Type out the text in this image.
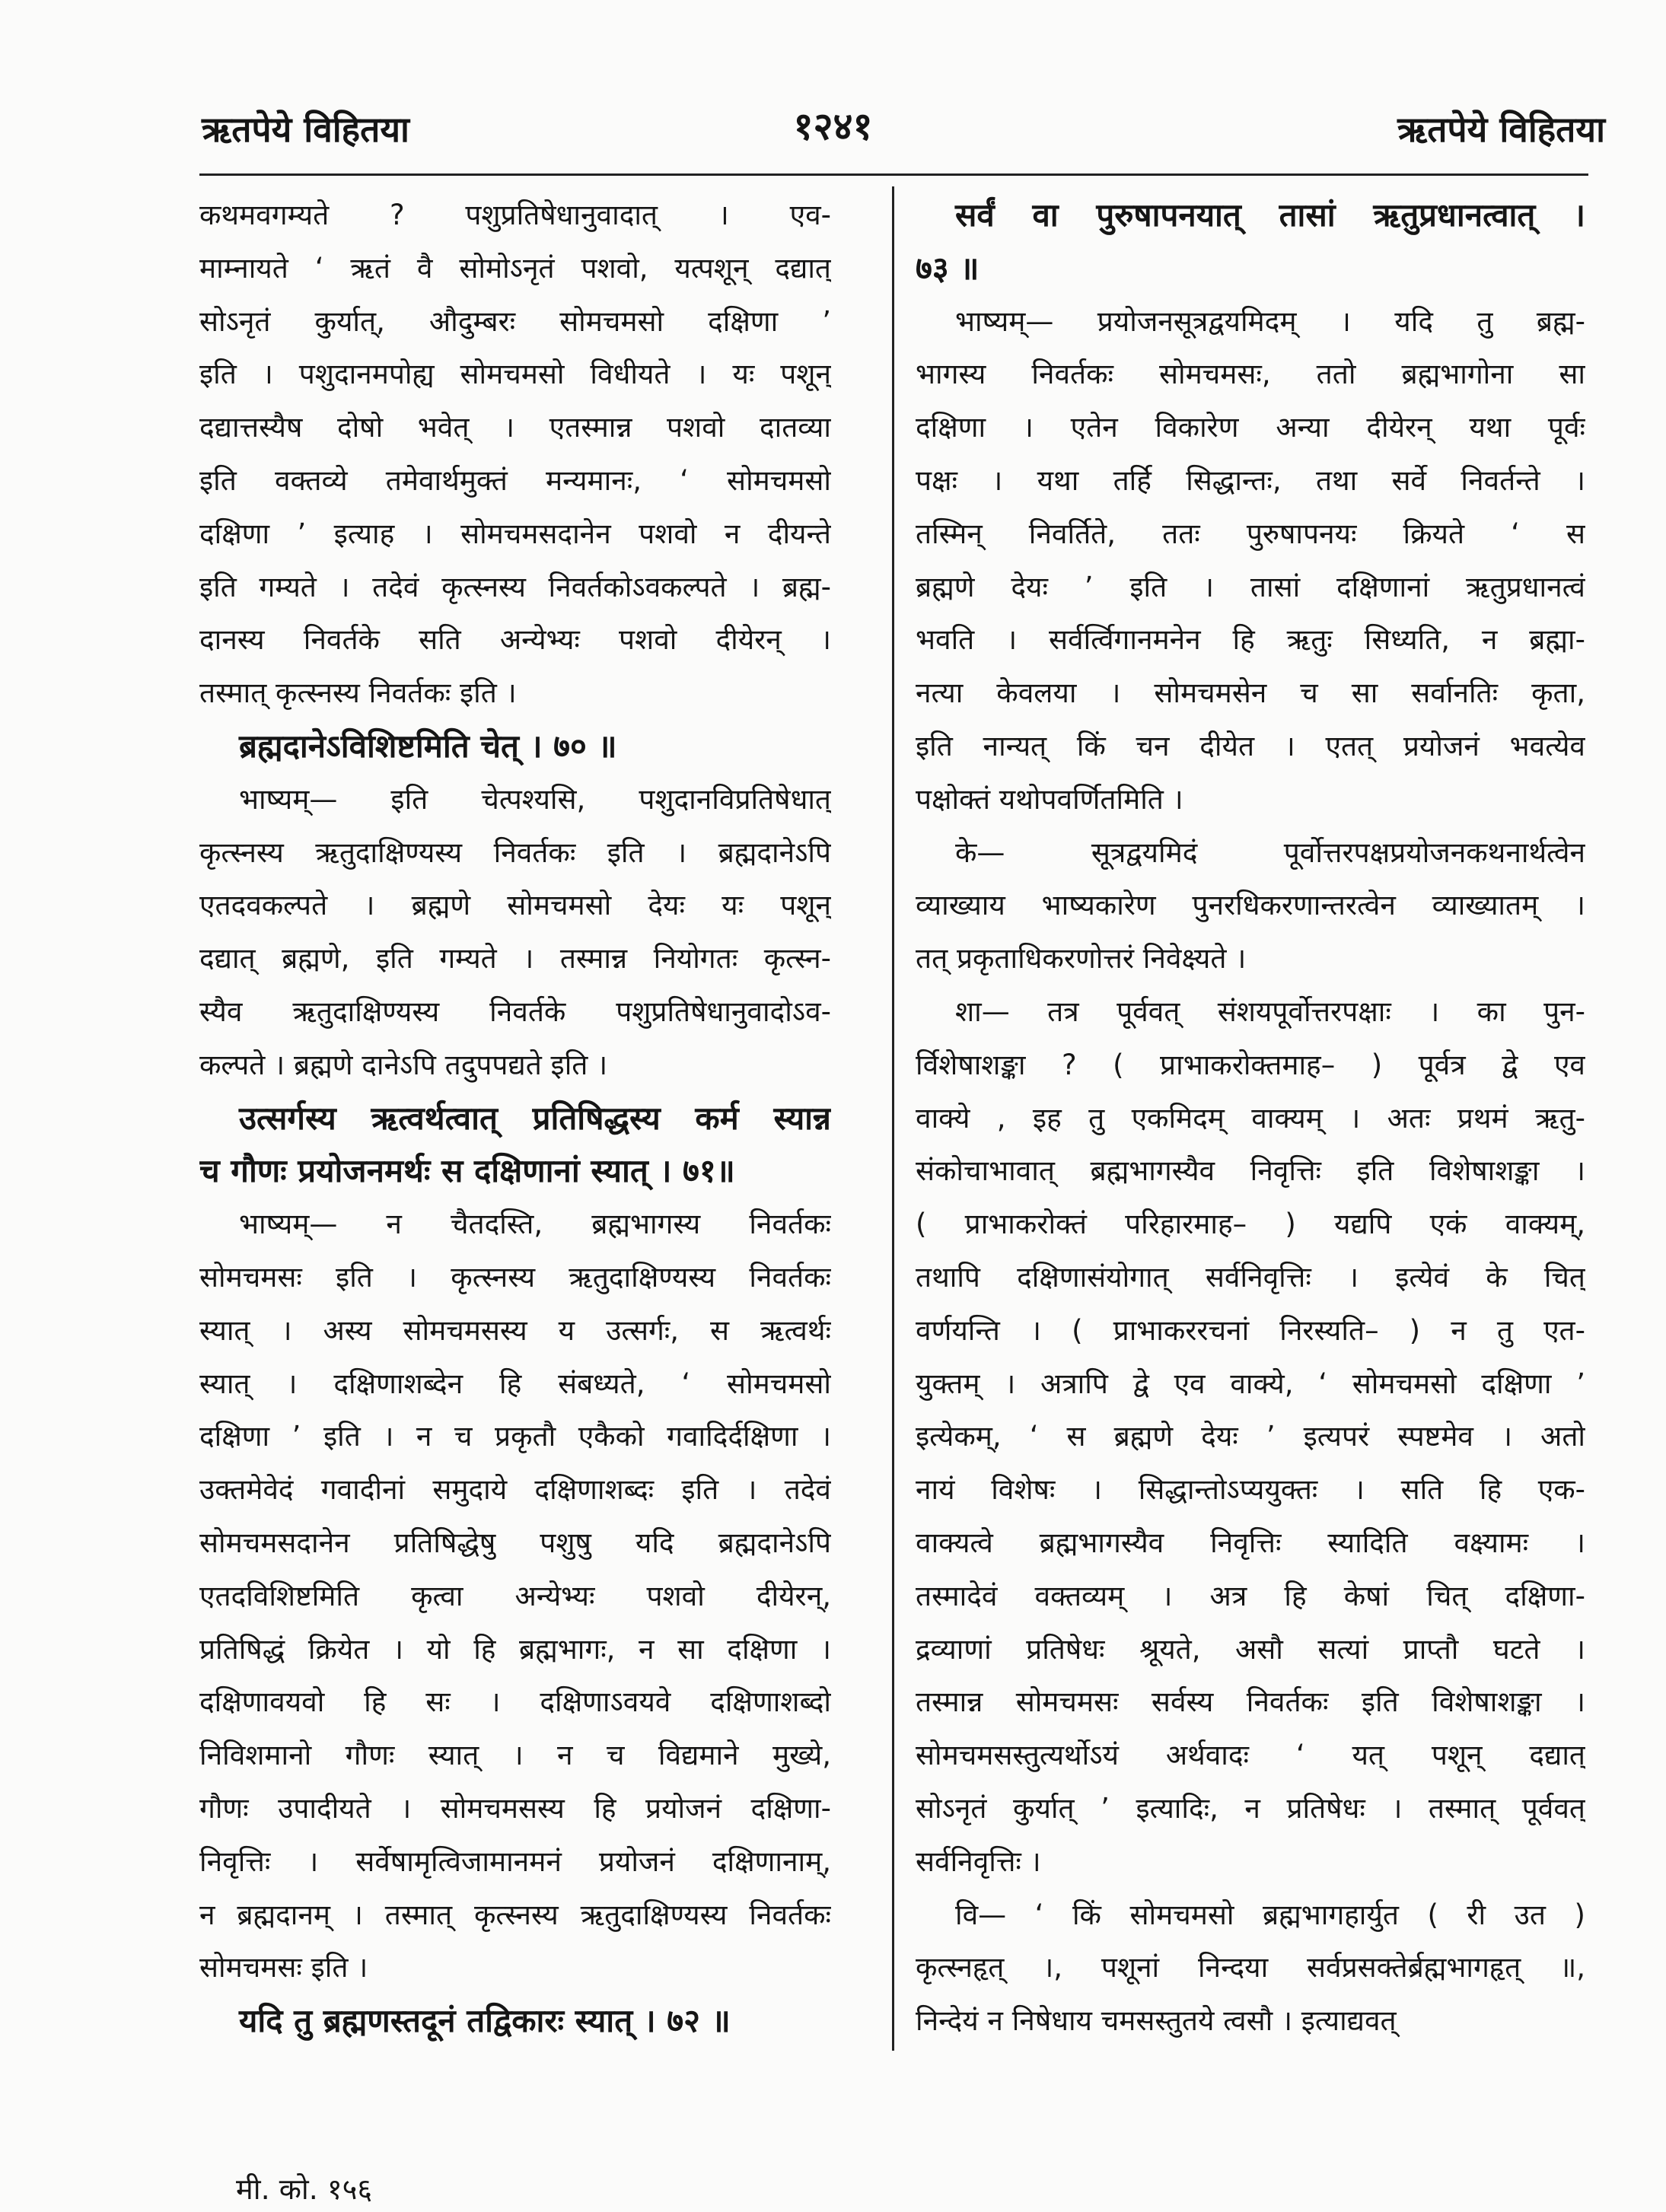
ऋतपेये विहितया	१२४१	ऋतपेये विहितया
कथमवगम्यते ? पशुप्रतिषेधानुवादात् । एव-
माम्नायते ‘ ऋतं वै सोमोऽनृतं पशवो, यत्पशून् दद्यात्
सोऽनृतं कुर्यात्, औदुम्बरः सोमचमसो दक्षिणा ’
इति । पशुदानमपोह्य सोमचमसो विधीयते । यः पशून्
दद्यात्तस्यैष दोषो भवेत् । एतस्मान्न पशवो दातव्या
इति वक्तव्ये तमेवार्थमुक्तं मन्यमानः, ‘ सोमचमसो
दक्षिणा ’ इत्याह । सोमचमसदानेन पशवो न दीयन्ते
इति गम्यते । तदेवं कृत्स्नस्य निवर्तकोऽवकल्पते । ब्रह्म-
दानस्य निवर्तके सति अन्येभ्यः पशवो दीयेरन् ।
तस्मात् कृत्स्नस्य निवर्तकः इति ।
ब्रह्मदानेऽविशिष्टमिति चेत् । ७० ॥
भाष्यम्— इति चेत्पश्यसि, पशुदानविप्रतिषेधात्
कृत्स्नस्य ऋतुदाक्षिण्यस्य निवर्तकः इति । ब्रह्मदानेऽपि
एतदवकल्पते । ब्रह्मणे सोमचमसो देयः यः पशून्
दद्यात् ब्रह्मणे, इति गम्यते । तस्मान्न नियोगतः कृत्स्न-
स्यैव ऋतुदाक्षिण्यस्य निवर्तके पशुप्रतिषेधानुवादोऽव-
कल्पते । ब्रह्मणे दानेऽपि तदुपपद्यते इति ।
उत्सर्गस्य ऋत्वर्थत्वात् प्रतिषिद्धस्य कर्म स्यान्न
च गौणः प्रयोजनमर्थः स दक्षिणानां स्यात् । ७१॥
भाष्यम्— न चैतदस्ति, ब्रह्मभागस्य निवर्तकः
सोमचमसः इति । कृत्स्नस्य ऋतुदाक्षिण्यस्य निवर्तकः
स्यात् । अस्य सोमचमसस्य य उत्सर्गः, स ऋत्वर्थः
स्यात् । दक्षिणाशब्देन हि संबध्यते, ‘ सोमचमसो
दक्षिणा ’ इति । न च प्रकृतौ एकैको गवादिर्दक्षिणा ।
उक्तमेवेदं गवादीनां समुदाये दक्षिणाशब्दः इति । तदेवं
सोमचमसदानेन प्रतिषिद्धेषु पशुषु यदि ब्रह्मदानेऽपि
एतदविशिष्टमिति कृत्वा अन्येभ्यः पशवो दीयेरन्,
प्रतिषिद्धं क्रियेत । यो हि ब्रह्मभागः, न सा दक्षिणा ।
दक्षिणावयवो हि सः । दक्षिणाऽवयवे दक्षिणाशब्दो
निविशमानो गौणः स्यात् । न च विद्यमाने मुख्ये,
गौणः उपादीयते । सोमचमसस्य हि प्रयोजनं दक्षिणा-
निवृत्तिः । सर्वेषामृत्विजामानमनं प्रयोजनं दक्षिणानाम्,
न ब्रह्मदानम् । तस्मात् कृत्स्नस्य ऋतुदाक्षिण्यस्य निवर्तकः
सोमचमसः इति ।
यदि तु ब्रह्मणस्तदूनं तद्विकारः स्यात् । ७२ ॥
सर्वं वा पुरुषापनयात् तासां ऋतुप्रधानत्वात् ।
७३ ॥
भाष्यम्— प्रयोजनसूत्रद्वयमिदम् । यदि तु ब्रह्म-
भागस्य निवर्तकः सोमचमसः, ततो ब्रह्मभागोना सा
दक्षिणा । एतेन विकारेण अन्या दीयेरन् यथा पूर्वः
पक्षः । यथा तर्हि सिद्धान्तः, तथा सर्वे निवर्तन्ते ।
तस्मिन् निवर्तिते, ततः पुरुषापनयः क्रियते ‘ स
ब्रह्मणे देयः ’ इति । तासां दक्षिणानां ऋतुप्रधानत्वं
भवति । सर्वर्त्विगानमनेन हि ऋतुः सिध्यति, न ब्रह्मा-
नत्या केवलया । सोमचमसेन च सा सर्वानतिः कृता,
इति नान्यत् किं चन दीयेत । एतत् प्रयोजनं भवत्येव
पक्षोक्तं यथोपवर्णितमिति ।
के— सूत्रद्वयमिदं पूर्वोत्तरपक्षप्रयोजनकथनार्थत्वेन
व्याख्याय भाष्यकारेण पुनरधिकरणान्तरत्वेन व्याख्यातम् ।
तत् प्रकृताधिकरणोत्तरं निवेक्ष्यते ।
शा— तत्र पूर्ववत् संशयपूर्वोत्तरपक्षाः । का पुन-
र्विशेषाशङ्का ? ( प्राभाकरोक्तमाह– ) पूर्वत्र द्वे एव
वाक्ये , इह तु एकमिदम् वाक्यम् । अतः प्रथमं ऋतु-
संकोचाभावात् ब्रह्मभागस्यैव निवृत्तिः इति विशेषाशङ्का ।
( प्राभाकरोक्तं परिहारमाह– ) यद्यपि एकं वाक्यम्,
तथापि दक्षिणासंयोगात् सर्वनिवृत्तिः । इत्येवं के चित्
वर्णयन्ति । ( प्राभाकररचनां निरस्यति– ) न तु एत-
युक्तम् । अत्रापि द्वे एव वाक्ये, ‘ सोमचमसो दक्षिणा ’
इत्येकम्, ‘ स ब्रह्मणे देयः ’ इत्यपरं स्पष्टमेव । अतो
नायं विशेषः । सिद्धान्तोऽप्ययुक्तः । सति हि एक-
वाक्यत्वे ब्रह्मभागस्यैव निवृत्तिः स्यादिति वक्ष्यामः ।
तस्मादेवं वक्तव्यम् । अत्र हि केषां चित् दक्षिणा-
द्रव्याणां प्रतिषेधः श्रूयते, असौ सत्यां प्राप्तौ घटते ।
तस्मान्न सोमचमसः सर्वस्य निवर्तकः इति विशेषाशङ्का ।
सोमचमसस्तुत्यर्थोऽयं अर्थवादः ‘ यत् पशून् दद्यात्
सोऽनृतं कुर्यात् ’ इत्यादिः, न प्रतिषेधः । तस्मात् पूर्ववत्
सर्वनिवृत्तिः ।
वि— ‘ किं सोमचमसो ब्रह्मभागहार्युत ( री उत )
कृत्स्नहृत् ।, पशूनां निन्दया सर्वप्रसक्तेर्ब्रह्मभागहृत् ॥,
निन्देयं न निषेधाय चमसस्तुतये त्वसौ । इत्याद्यवत्
मी. को. १५६
